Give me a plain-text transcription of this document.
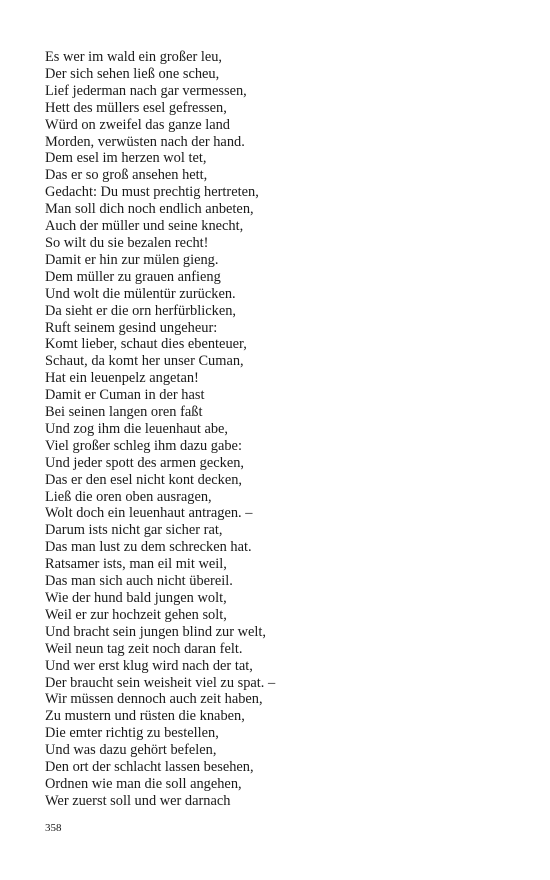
Es wer im wald ein großer leu,
Der sich sehen ließ one scheu,
Lief jederman nach gar vermessen,
Hett des müllers esel gefressen,
Würd on zweifel das ganze land
Morden, verwüsten nach der hand.
Dem esel im herzen wol tet,
Das er so groß ansehen hett,
Gedacht: Du must prechtig hertreten,
Man soll dich noch endlich anbeten,
Auch der müller und seine knecht,
So wilt du sie bezalen recht!
Damit er hin zur mülen gieng.
Dem müller zu grauen anfieng
Und wolt die mülentür zurücken.
Da sieht er die orn herfürblicken,
Ruft seinem gesind ungeheur:
Komt lieber, schaut dies ebenteuer,
Schaut, da komt her unser Cuman,
Hat ein leuenpelz angetan!
Damit er Cuman in der hast
Bei seinen langen oren faßt
Und zog ihm die leuenhaut abe,
Viel großer schleg ihm dazu gabe:
Und jeder spott des armen gecken,
Das er den esel nicht kont decken,
Ließ die oren oben ausragen,
Wolt doch ein leuenhaut antragen. –
Darum ists nicht gar sicher rat,
Das man lust zu dem schrecken hat.
Ratsamer ists, man eil mit weil,
Das man sich auch nicht übereil.
Wie der hund bald jungen wolt,
Weil er zur hochzeit gehen solt,
Und bracht sein jungen blind zur welt,
Weil neun tag zeit noch daran felt.
Und wer erst klug wird nach der tat,
Der braucht sein weisheit viel zu spat. –
Wir müssen dennoch auch zeit haben,
Zu mustern und rüsten die knaben,
Die emter richtig zu bestellen,
Und was dazu gehört befelen,
Den ort der schlacht lassen besehen,
Ordnen wie man die soll angehen,
Wer zuerst soll und wer darnach
358
